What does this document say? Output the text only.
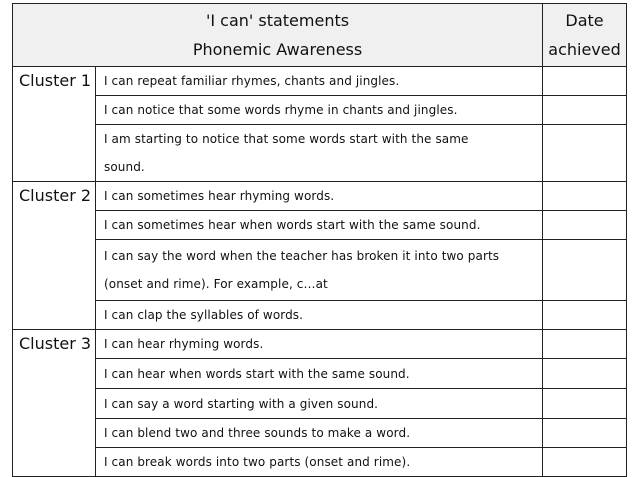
'I can' statements
Phonemic Awareness		Date
achieved

Cluster 1	I can repeat familiar rhymes, chants and jingles.	
	I can notice that some words rhyme in chants and jingles.	
	I am starting to notice that some words start with the same sound.	
Cluster 2	I can sometimes hear rhyming words.	
	I can sometimes hear when words start with the same sound.	
	I can say the word when the teacher has broken it into two parts (onset and rime). For example, c…at	
	I can clap the syllables of words.	
Cluster 3	I can hear rhyming words.	
	I can hear when words start with the same sound.	
	I can say a word starting with a given sound.	
	I can blend two and three sounds to make a word.	
	I can break words into two parts (onset and rime).	
